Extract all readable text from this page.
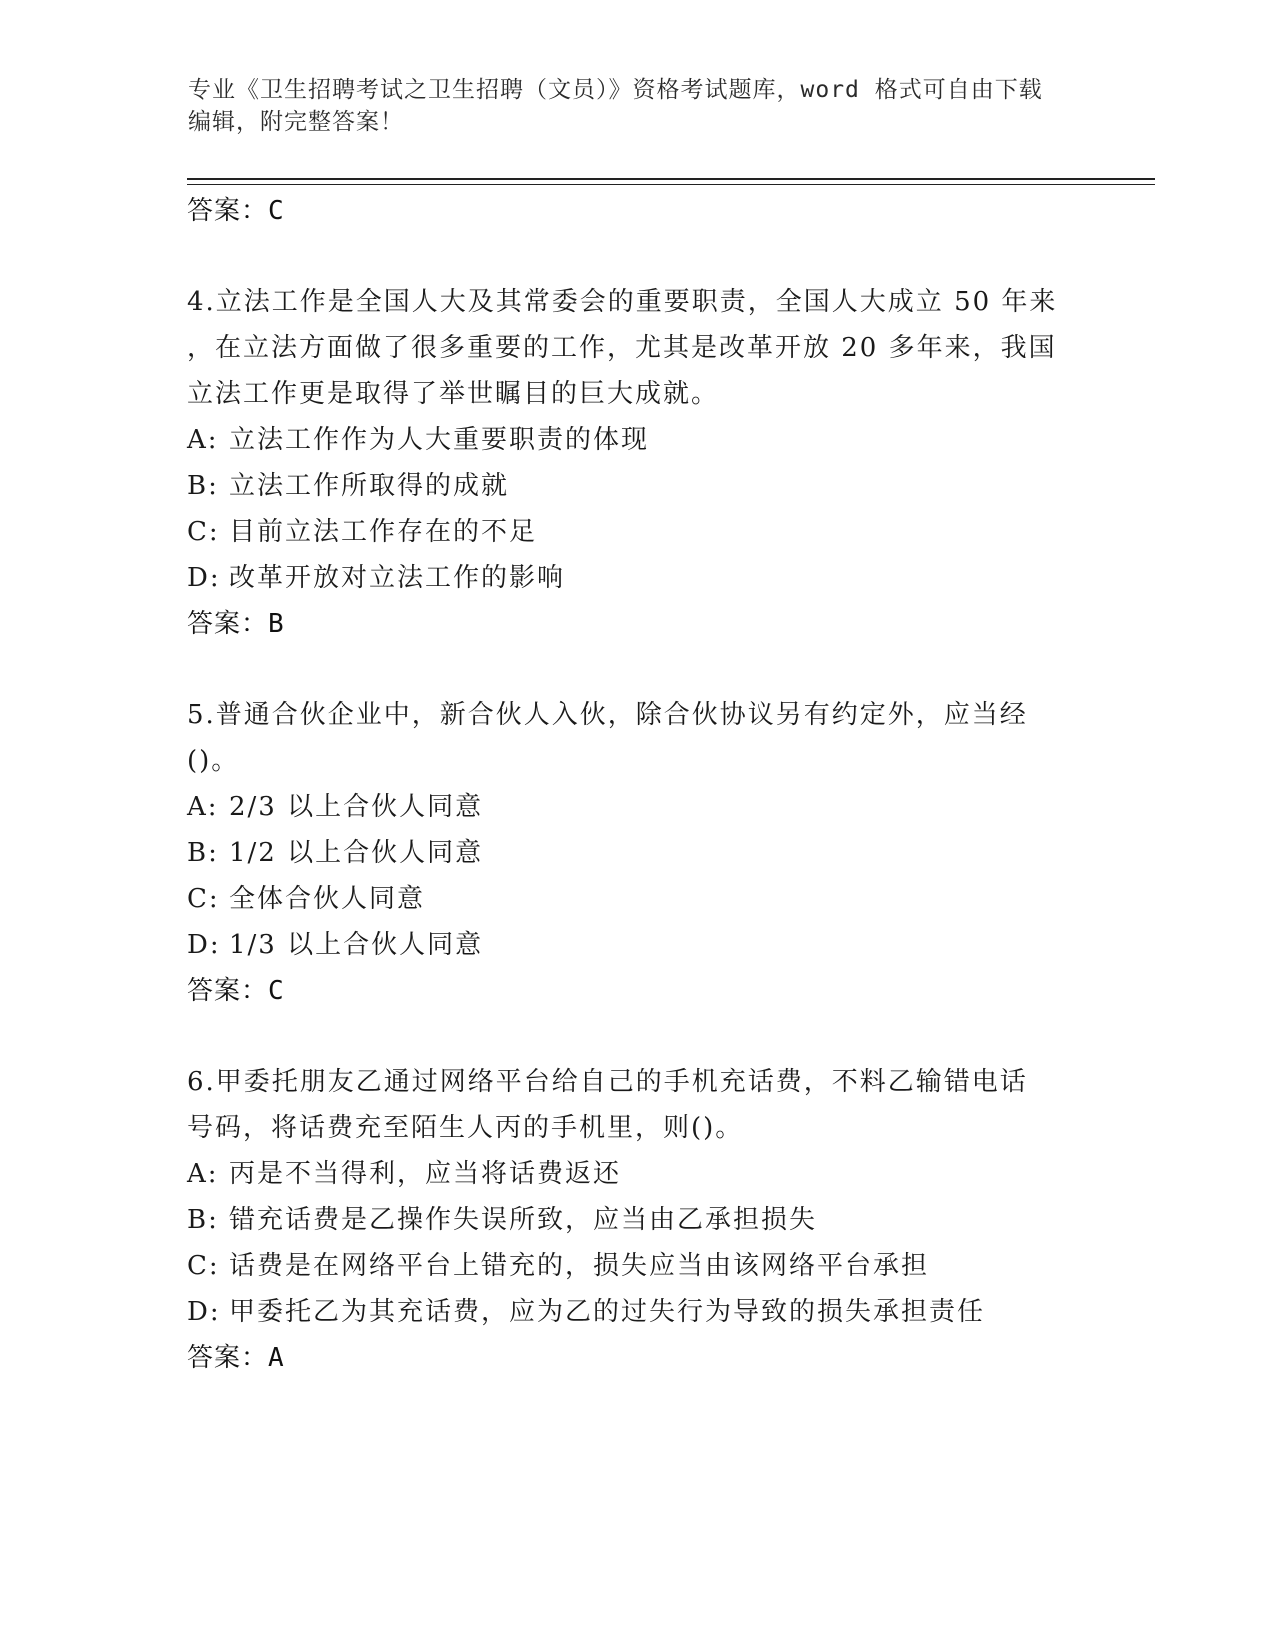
专业《卫生招聘考试之卫生招聘（文员）》资格考试题库，word 格式可自由下载
编辑，附完整答案！
答案：C
4.立法工作是全国人大及其常委会的重要职责，全国人大成立 50 年来
，在立法方面做了很多重要的工作，尤其是改革开放 20 多年来，我国
立法工作更是取得了举世瞩目的巨大成就。
A: 立法工作作为人大重要职责的体现
B: 立法工作所取得的成就
C: 目前立法工作存在的不足
D: 改革开放对立法工作的影响
答案：B
5.普通合伙企业中，新合伙人入伙，除合伙协议另有约定外，应当经
()。
A: 2/3 以上合伙人同意
B: 1/2 以上合伙人同意
C: 全体合伙人同意
D: 1/3 以上合伙人同意
答案：C
6.甲委托朋友乙通过网络平台给自己的手机充话费，不料乙输错电话
号码，将话费充至陌生人丙的手机里，则()。
A: 丙是不当得利，应当将话费返还
B: 错充话费是乙操作失误所致，应当由乙承担损失
C: 话费是在网络平台上错充的，损失应当由该网络平台承担
D: 甲委托乙为其充话费，应为乙的过失行为导致的损失承担责任
答案：A
